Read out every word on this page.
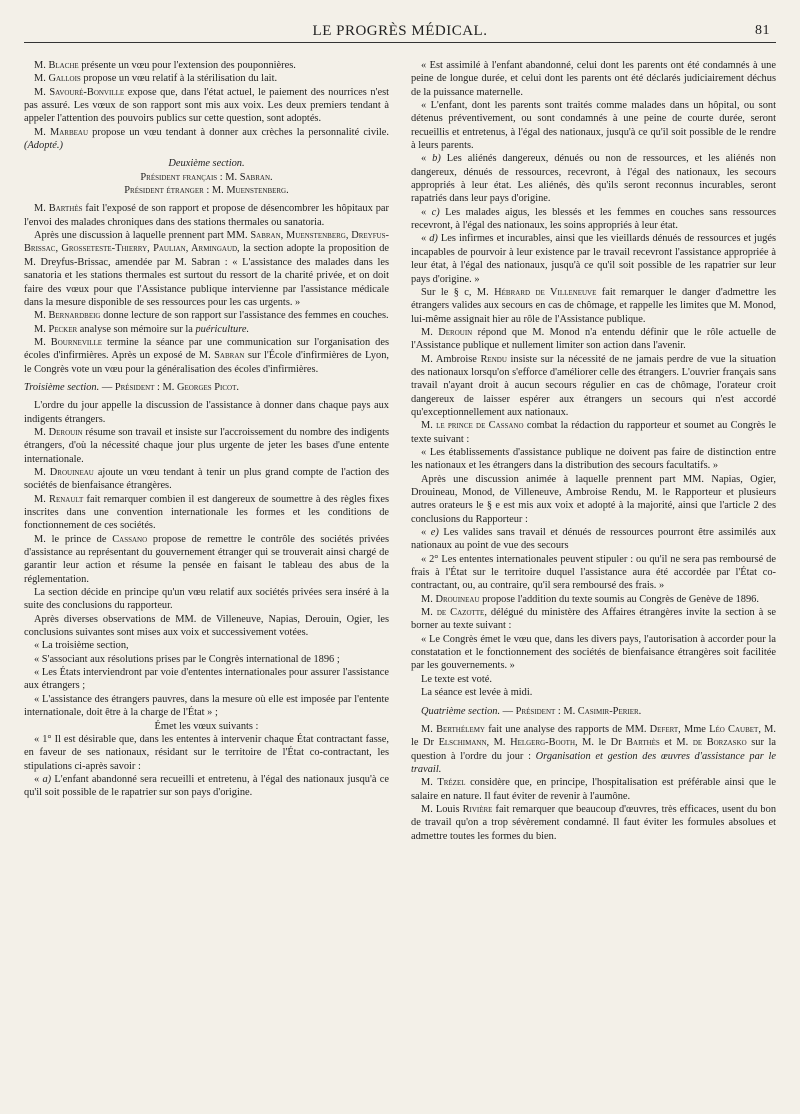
LE PROGRÈS MÉDICAL.	81

M. Blache présente un vœu pour l'extension des pouponnières.

M. Gallois propose un vœu relatif à la stérilisation du lait.

M. Savouré-Bonville expose que, dans l'état actuel, le paiement des nourrices n'est pas assuré. Les vœux de son rapport sont mis aux voix. Les deux premiers tendant à appeler l'attention des pouvoirs publics sur cette question, sont adoptés.

M. Marbeau propose un vœu tendant à donner aux crèches la personnalité civile. (Adopté.)

Deuxième section.

Président français : M. Sabran.

Président étranger : M. Muenstenberg.

M. Barthès fait l'exposé de son rapport et propose de désencombrer les hôpitaux par l'envoi des malades chroniques dans des stations thermales ou sanatoria.

Après une discussion à laquelle prennent part MM. Sabran, Muenstenberg, Dreyfus-Brissac, Grosseteste-Thierry, Paulian, Armingaud, la section adopte la proposition de M. Dreyfus-Brissac, amendée par M. Sabran : « L'assistance des malades dans les sanatoria et les stations thermales est surtout du ressort de la charité privée, et on doit faire des vœux pour que l'Assistance publique intervienne par l'assistance médicale dans la mesure disponible de ses ressources pour les cas urgents. »

M. Bernardbeig donne lecture de son rapport sur l'assistance des femmes en couches.

M. Pecker analyse son mémoire sur la puériculture.

M. Bourneville termine la séance par une communication sur l'organisation des écoles d'infirmières. Après un exposé de M. Sabran sur l'École d'infirmières de Lyon, le Congrès vote un vœu pour la généralisation des écoles d'infirmières.

Troisième section. — Président : M. Georges Picot.

L'ordre du jour appelle la discussion de l'assistance à donner dans chaque pays aux indigents étrangers.

M. Derouin résume son travail et insiste sur l'accroissement du nombre des indigents étrangers, d'où la nécessité chaque jour plus urgente de jeter les bases d'une entente internationale.

M. Drouineau ajoute un vœu tendant à tenir un plus grand compte de l'action des sociétés de bienfaisance étrangères.

M. Renault fait remarquer combien il est dangereux de soumettre à des règles fixes inscrites dans une convention internationale les formes et les conditions de fonctionnement de ces sociétés.

M. le prince de Cassano propose de remettre le contrôle des sociétés privées d'assistance au représentant du gouvernement étranger qui se trouverait ainsi chargé de garantir leur action et résume la pensée en faisant le tableau des abus de la réglementation.

La section décide en principe qu'un vœu relatif aux sociétés privées sera inséré à la suite des conclusions du rapporteur.

Après diverses observations de MM. de Villeneuve, Napias, Derouin, Ogier, les conclusions suivantes sont mises aux voix et successivement votées.

« La troisième section,

« S'associant aux résolutions prises par le Congrès international de 1896 ;

« Les États interviendront par voie d'ententes internationales pour assurer l'assistance aux étrangers ;

« L'assistance des étrangers pauvres, dans la mesure où elle est imposée par l'entente internationale, doit être à la charge de l'État » ;

Émet les vœux suivants :

« 1° Il est désirable que, dans les ententes à intervenir chaque État contractant fasse, en faveur de ses nationaux, résidant sur le territoire de l'État co-contractant, les stipulations ci-après savoir :

« a) L'enfant abandonné sera recueilli et entretenu, à l'égal des nationaux jusqu'à ce qu'il soit possible de le rapatrier sur son pays d'origine.

« Est assimilé à l'enfant abandonné, celui dont les parents ont été condamnés à une peine de longue durée, et celui dont les parents ont été déclarés judiciairement déchus de la puissance maternelle.

« L'enfant, dont les parents sont traités comme malades dans un hôpital, ou sont détenus préventivement, ou sont condamnés à une peine de courte durée, seront recueillis et entretenus, à l'égal des nationaux, jusqu'à ce qu'il soit possible de le rendre à leurs parents.

« b) Les aliénés dangereux, dénués ou non de ressources, et les aliénés non dangereux, dénués de ressources, recevront, à l'égal des nationaux, les secours appropriés à leur état. Les aliénés, dès qu'ils seront reconnus incurables, seront rapatriés dans leur pays d'origine.

« c) Les malades aigus, les blessés et les femmes en couches sans ressources recevront, à l'égal des nationaux, les soins appropriés à leur état.

« d) Les infirmes et incurables, ainsi que les vieillards dénués de ressources et jugés incapables de pourvoir à leur existence par le travail recevront l'assistance appropriée à leur état, à l'égal des nationaux, jusqu'à ce qu'il soit possible de les rapatrier sur leur pays d'origine. »

Sur le § c, M. Hébrard de Villeneuve fait remarquer le danger d'admettre les étrangers valides aux secours en cas de chômage, et rappelle les limites que M. Monod, lui-même assignait hier au rôle de l'Assistance publique.

M. Derouin répond que M. Monod n'a entendu définir que le rôle actuelle de l'Assistance publique et nullement limiter son action dans l'avenir.

M. Ambroise Rendu insiste sur la nécessité de ne jamais perdre de vue la situation des nationaux lorsqu'on s'efforce d'améliorer celle des étrangers. L'ouvrier français sans travail n'ayant droit à aucun secours régulier en cas de chômage, l'orateur croit dangereux de laisser espérer aux étrangers un secours qui n'est accordé qu'exceptionnellement aux nationaux.

M. le prince de Cassano combat la rédaction du rapporteur et soumet au Congrès le texte suivant :

« Les établissements d'assistance publique ne doivent pas faire de distinction entre les nationaux et les étrangers dans la distribution des secours facultatifs. »

Après une discussion animée à laquelle prennent part MM. Napias, Ogier, Drouineau, Monod, de Villeneuve, Ambroise Rendu, M. le Rapporteur et plusieurs autres orateurs le § e est mis aux voix et adopté à la majorité, ainsi que l'article 2 des conclusions du Rapporteur :

« e) Les valides sans travail et dénués de ressources pourront être assimilés aux nationaux au point de vue des secours

« 2° Les ententes internationales peuvent stipuler : ou qu'il ne sera pas remboursé de frais à l'État sur le territoire duquel l'assistance aura été accordée par l'État co-contractant, ou, au contraire, qu'il sera remboursé des frais. »

M. Drouineau propose l'addition du texte soumis au Congrès de Genève de 1896.

M. de Cazotte, délégué du ministère des Affaires étrangères invite la section à se borner au texte suivant :

« Le Congrès émet le vœu que, dans les divers pays, l'autorisation à accorder pour la constatation et le fonctionnement des sociétés de bienfaisance étrangères soit facilitée par les gouvernements. »

Le texte est voté.

La séance est levée à midi.

Quatrième section. — Président : M. Casimir-Perier.

M. Berthélemy fait une analyse des rapports de MM. Defert, Mme Léo Caubet, M. le Dr Elschimann, M. Helgerg-Booth, M. le Dr Barthès et M. de Borzasko sur la question à l'ordre du jour : Organisation et gestion des œuvres d'assistance par le travail.

M. Trézel considère que, en principe, l'hospitalisation est préférable ainsi que le salaire en nature. Il faut éviter de revenir à l'aumône.

M. Louis Rivière fait remarquer que beaucoup d'œuvres, très efficaces, usent du bon de travail qu'on a trop sévèrement condamné. Il faut éviter les formules absolues et admettre toutes les formes du bien.
